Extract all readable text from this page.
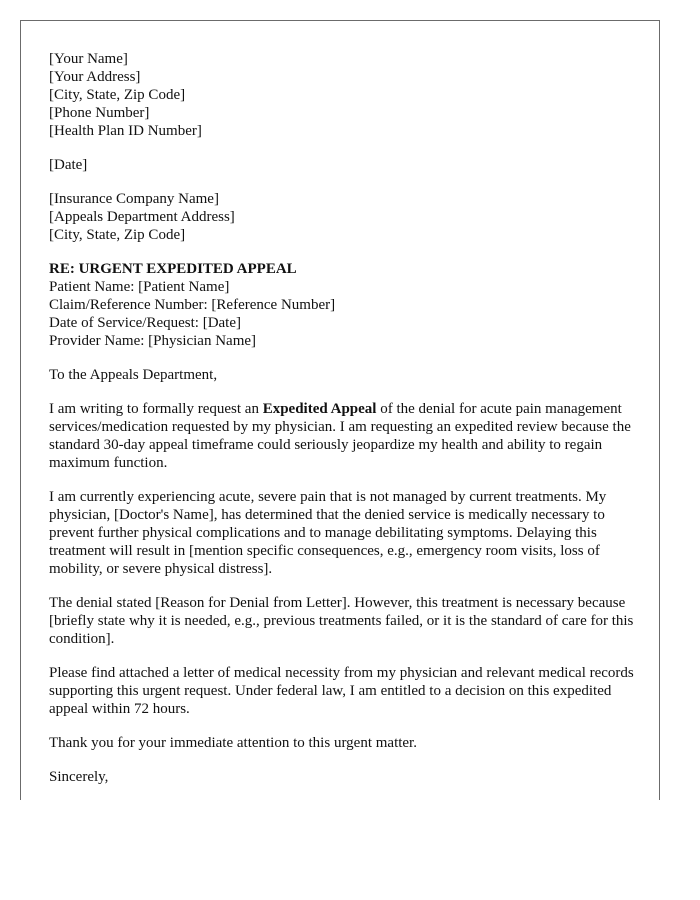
[Your Name]
[Your Address]
[City, State, Zip Code]
[Phone Number]
[Health Plan ID Number]
[Date]
[Insurance Company Name]
[Appeals Department Address]
[City, State, Zip Code]
RE: URGENT EXPEDITED APPEAL
Patient Name: [Patient Name]
Claim/Reference Number: [Reference Number]
Date of Service/Request: [Date]
Provider Name: [Physician Name]

To the Appeals Department,

I am writing to formally request an Expedited Appeal of the denial for acute pain management services/medication requested by my physician. I am requesting an expedited review because the standard 30-day appeal timeframe could seriously jeopardize my health and ability to regain maximum function.

I am currently experiencing acute, severe pain that is not managed by current treatments. My physician, [Doctor's Name], has determined that the denied service is medically necessary to prevent further physical complications and to manage debilitating symptoms. Delaying this treatment will result in [mention specific consequences, e.g., emergency room visits, loss of mobility, or severe physical distress].

The denial stated [Reason for Denial from Letter]. However, this treatment is necessary because [briefly state why it is needed, e.g., previous treatments failed, or it is the standard of care for this condition].

Please find attached a letter of medical necessity from my physician and relevant medical records supporting this urgent request. Under federal law, I am entitled to a decision on this expedited appeal within 72 hours.

Thank you for your immediate attention to this urgent matter.

Sincerely,
